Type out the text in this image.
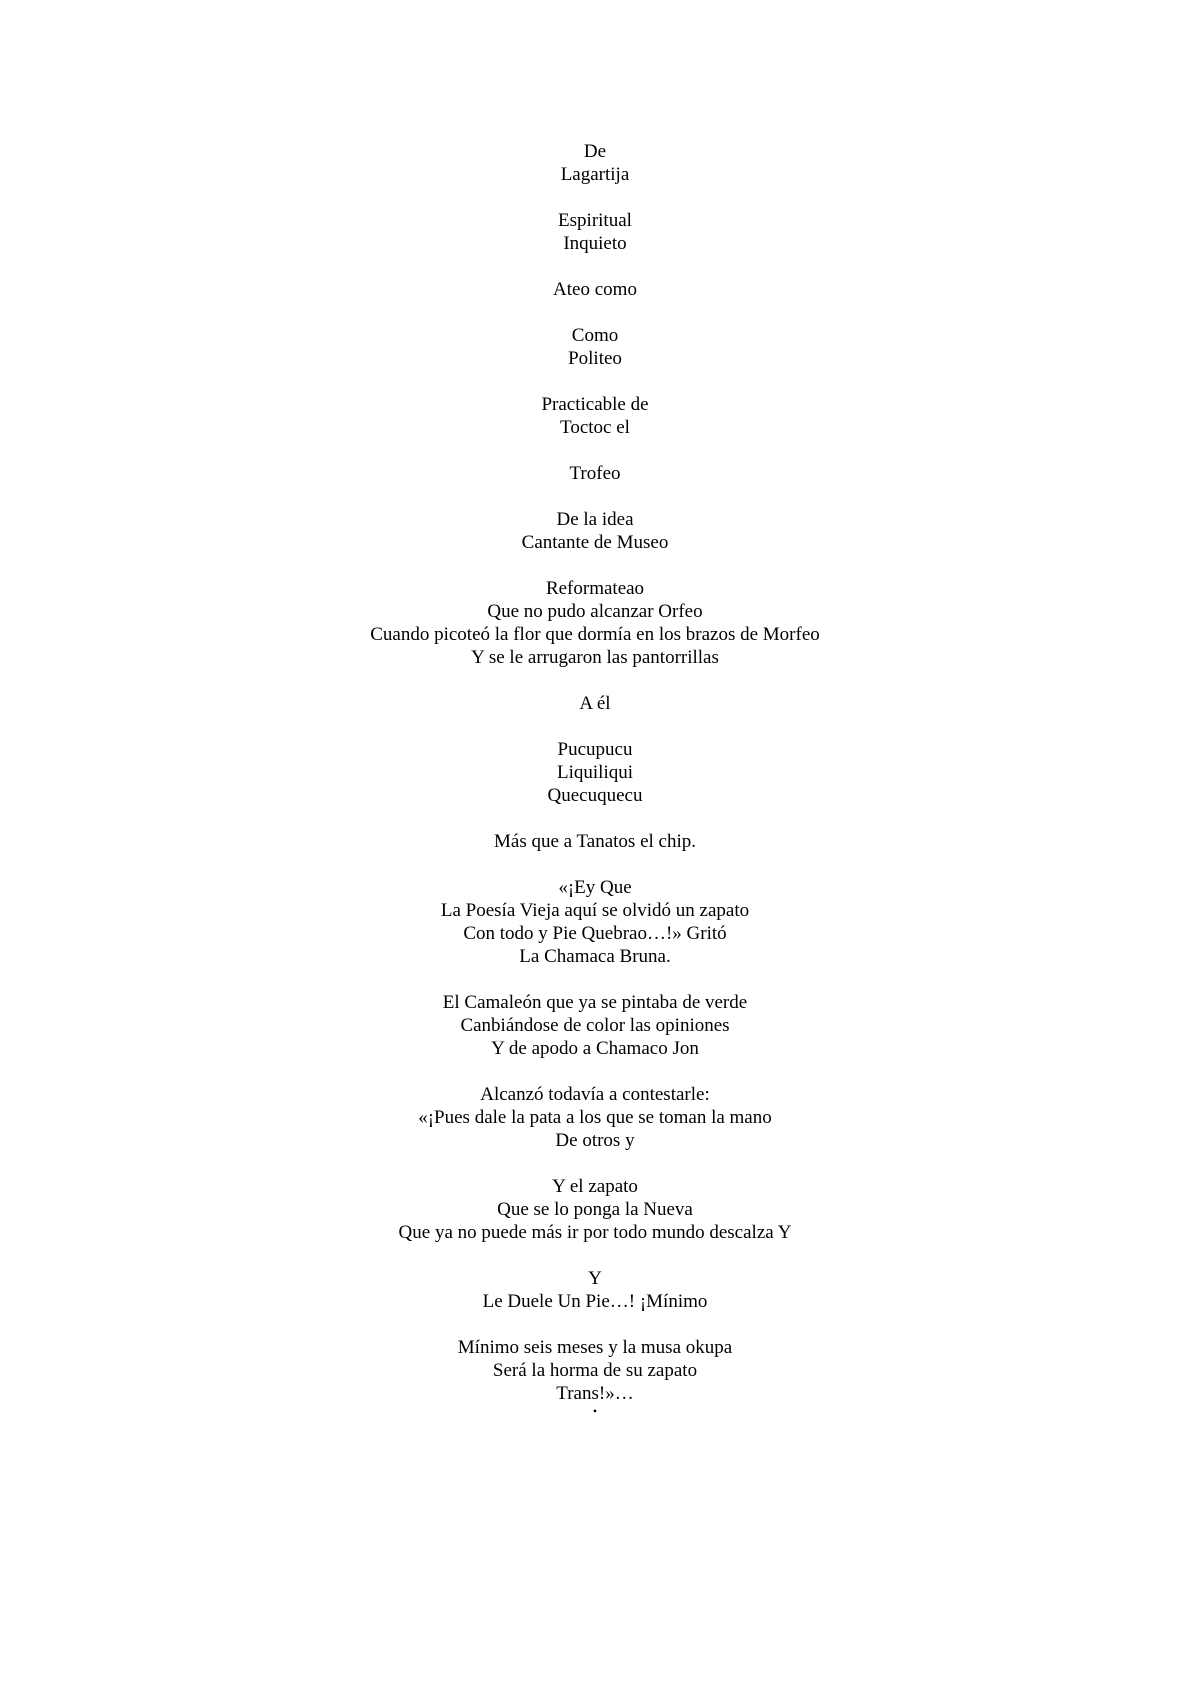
De
Lagartija
Espiritual
Inquieto
Ateo como
Como
Politeo
Practicable de
Toctoc el
Trofeo
De la idea
Cantante de Museo
Reformateao
Que no pudo alcanzar Orfeo
Cuando picoteó la flor que dormía en los brazos de Morfeo
Y se le arrugaron las pantorrillas
A él
Pucupucu
Liquiliqui
Quecuquecu
Más que a Tanatos el chip.
«¡Ey Que
La Poesía Vieja aquí se olvidó un zapato
Con todo y Pie Quebrao…!» Gritó
La Chamaca Bruna.
El Camaleón que ya se pintaba de verde
Canbiándose de color las opiniones
Y de apodo a Chamaco Jon
Alcanzó todavía a contestarle:
«¡Pues dale la pata a los que se toman la mano
De otros y
Y el zapato
Que se lo ponga la Nueva
Que ya no puede más ir por todo mundo descalza Y
Y
Le Duele Un Pie…! ¡Mínimo
Mínimo seis meses y la musa okupa
Será la horma de su zapato
Trans!»…
•
